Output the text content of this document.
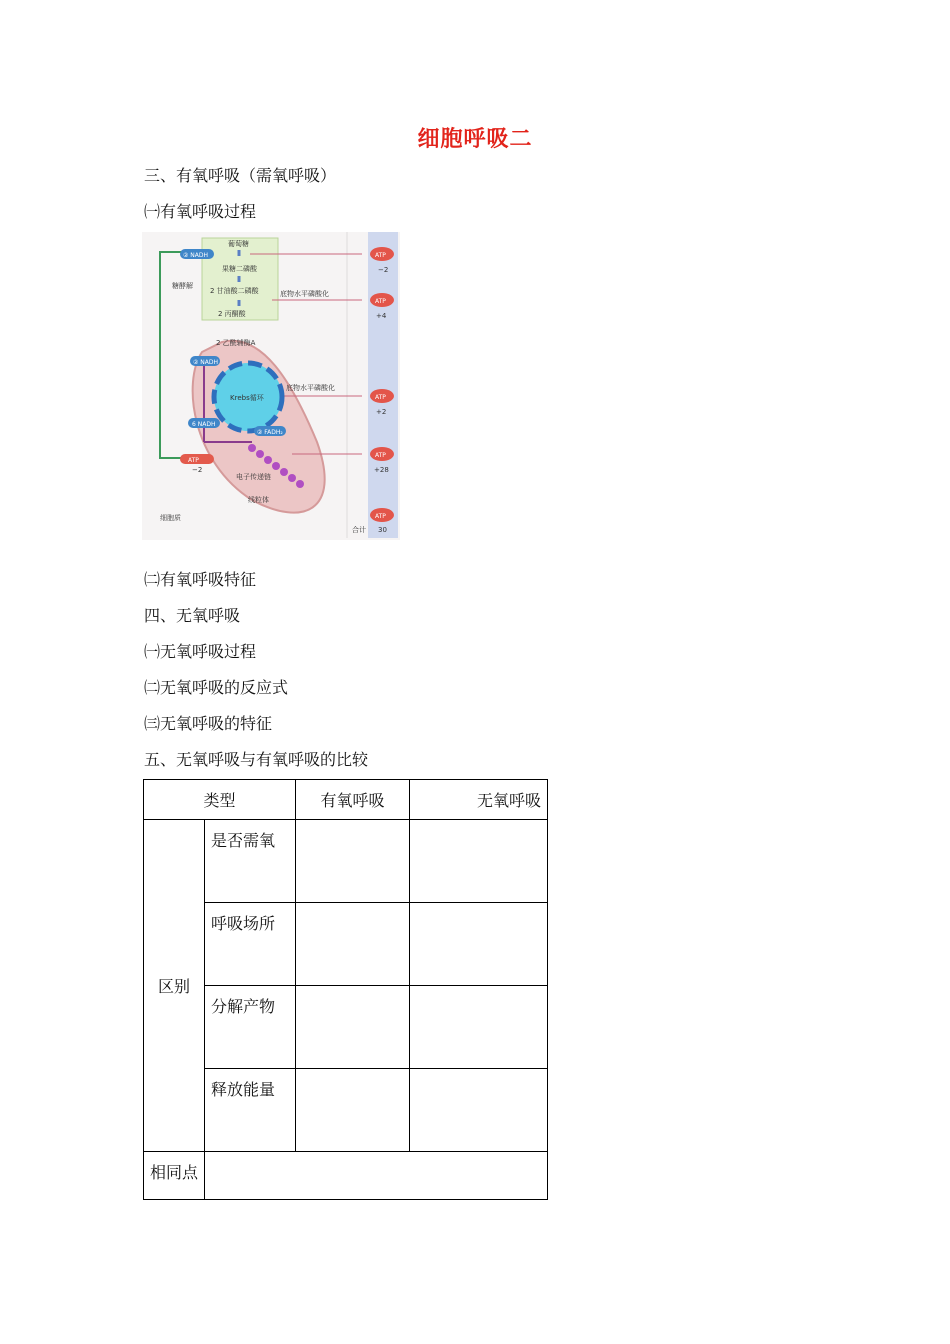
细胞呼吸二
三、有氧呼吸（需氧呼吸）
㈠有氧呼吸过程
葡萄糖
果糖二磷酸
2 甘油酸二磷酸
2 丙酮酸
2 乙酰辅酶A
Krebs循环
糖酵解
底物水平磷酸化
底物水平磷酸化
电子传递链
线粒体
细胞质
合计
−2
+4
+2
+28
30
−2
② NADH
② NADH
6 NADH
② FADH₂
ATP
ATP
ATP
ATP
ATP
ATP
㈡有氧呼吸特征
四、无氧呼吸
㈠无氧呼吸过程
㈡无氧呼吸的反应式
㈢无氧呼吸的特征
五、无氧呼吸与有氧呼吸的比较
类型		有氧呼吸	无氧呼吸
区别	是否需氧		
	呼吸场所		
	分解产物		
	释放能量		
相同点			
